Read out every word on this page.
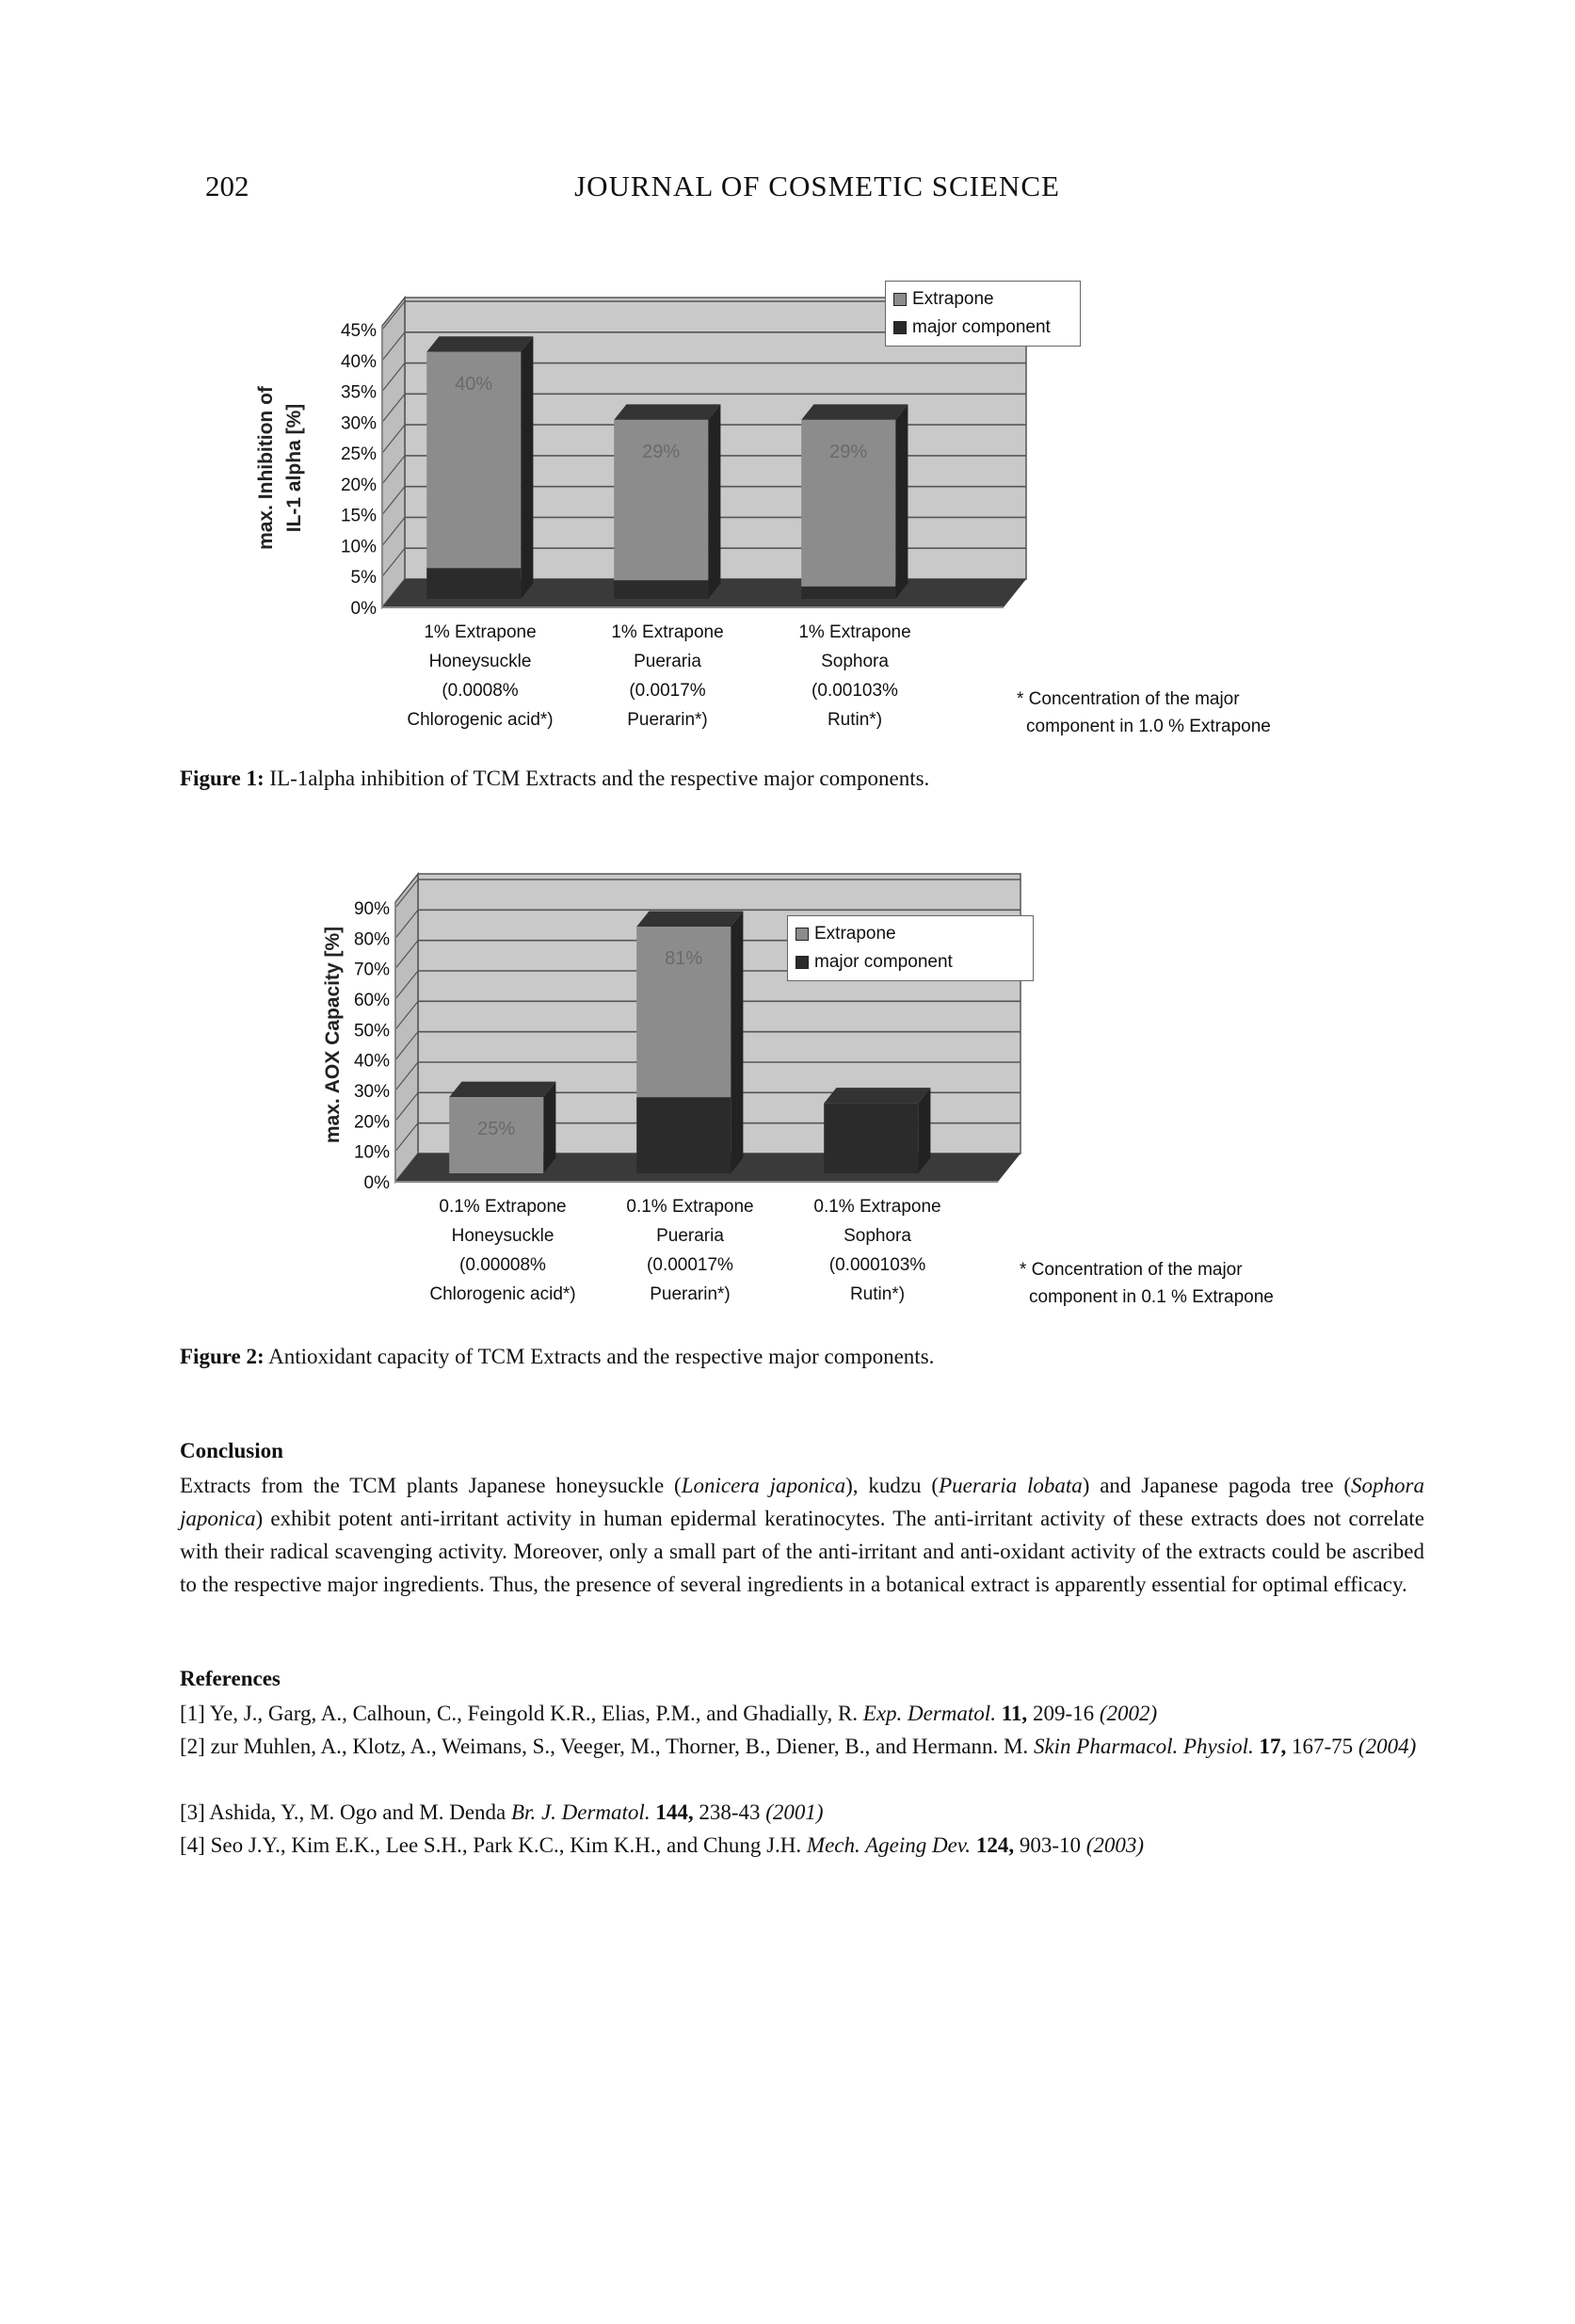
202	JOURNAL OF COSMETIC SCIENCE
0%
5%
10%
15%
20%
25%
30%
35%
40%
45%
40%
29%	29%
max. Inhibition of IL-1 alpha [%]
Extrapone
major component
1% Extrapone
Honeysuckle
(0.0008%
Chlorogenic acid*)
1% Extrapone
Pueraria
(0.0017%
Puerarin*)
1% Extrapone
Sophora
(0.00103%
Rutin*)
* Concentration of the major
component in 1.0 % Extrapone
Figure 1: IL-1alpha inhibition of TCM Extracts and the respective major components.
0%
10%
20%
30%
40%
50%
60%
70%
80%
90%
25%
81%
max. AOX Capacity [%]	Extrapone
major component
0.1% Extrapone
Honeysuckle
(0.00008%
Chlorogenic acid*)
0.1% Extrapone
Pueraria
(0.00017%
Puerarin*)
0.1% Extrapone
Sophora
(0.000103%
Rutin*)
* Concentration of the major
component in 0.1 % Extrapone
Figure 2: Antioxidant capacity of TCM Extracts and the respective major components.
Conclusion
Extracts from the TCM plants Japanese honeysuckle (Lonicera japonica), kudzu (Pueraria lobata) and Japanese pagoda tree (Sophora japonica) exhibit potent anti-irritant activity in human epidermal keratinocytes. The anti-irritant activity of these extracts does not correlate with their radical scavenging activity. Moreover, only a small part of the anti-irritant and anti-oxidant activity of the extracts could be ascribed to the respective major ingredients. Thus, the presence of several ingredients in a botanical extract is apparently essential for optimal efficacy.
References
[1] Ye, J., Garg, A., Calhoun, C., Feingold K.R., Elias, P.M., and Ghadially, R. Exp. Dermatol. 11, 209-16 (2002)
[2] zur Muhlen, A., Klotz, A., Weimans, S., Veeger, M., Thorner, B., Diener, B., and Hermann. M. Skin Pharmacol. Physiol. 17, 167-75 (2004)
[3] Ashida, Y., M. Ogo and M. Denda Br. J. Dermatol. 144, 238-43 (2001)
[4] Seo J.Y., Kim E.K., Lee S.H., Park K.C., Kim K.H., and Chung J.H. Mech. Ageing Dev. 124, 903-10 (2003)
